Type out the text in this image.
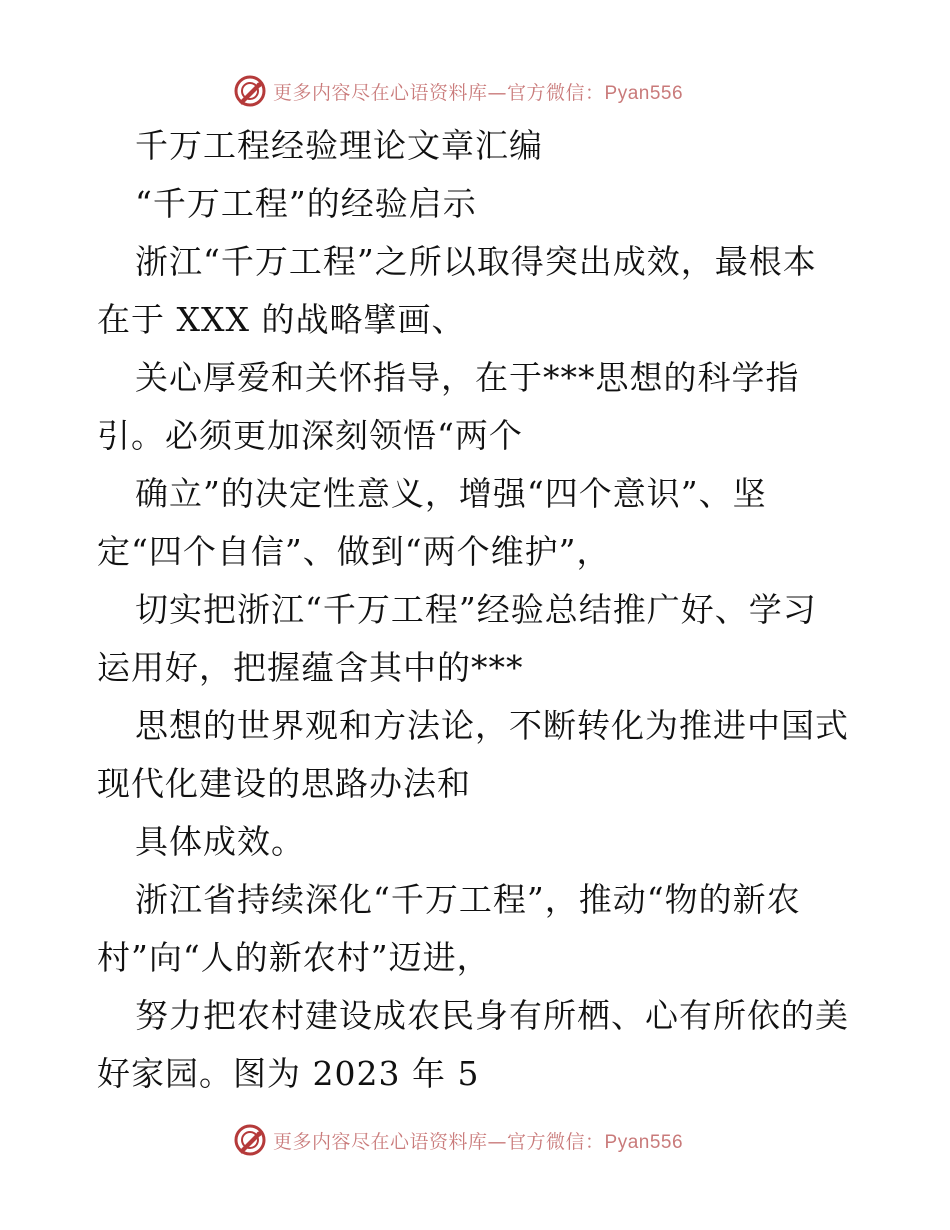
更多内容尽在心语资料库—官方微信：Pyan556
千万工程经验理论文章汇编
“千万工程”的经验启示
浙江“千万工程”之所以取得突出成效，最根本
在于 XXX 的战略擘画、
关心厚爱和关怀指导，在于***思想的科学指
引。必须更加深刻领悟“两个
确立”的决定性意义，增强“四个意识”、坚
定“四个自信”、做到“两个维护”，
切实把浙江“千万工程”经验总结推广好、学习
运用好，把握蕴含其中的***
思想的世界观和方法论，不断转化为推进中国式
现代化建设的思路办法和
具体成效。
浙江省持续深化“千万工程”，推动“物的新农
村”向“人的新农村”迈进，
努力把农村建设成农民身有所栖、心有所依的美
好家园。图为 2023 年 5
更多内容尽在心语资料库—官方微信：Pyan556
